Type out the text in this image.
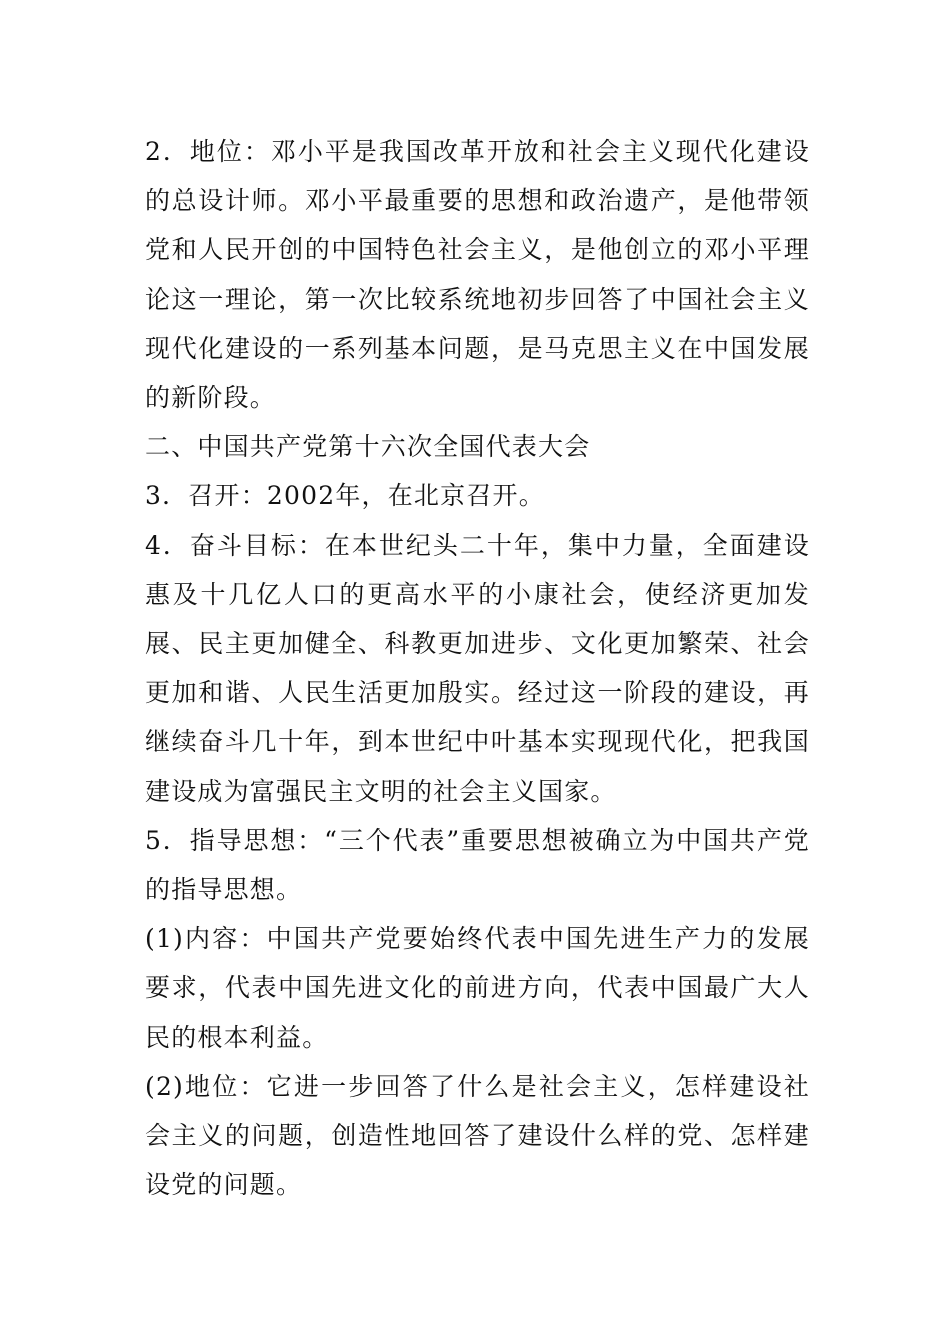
2．地位：邓小平是我国改革开放和社会主义现代化建设的总设计师。邓小平最重要的思想和政治遗产，是他带领党和人民开创的中国特色社会主义，是他创立的邓小平理论这一理论，第一次比较系统地初步回答了中国社会主义现代化建设的一系列基本问题，是马克思主义在中国发展的新阶段。

二、中国共产党第十六次全国代表大会

3．召开：2002年，在北京召开。

4．奋斗目标：在本世纪头二十年，集中力量，全面建设惠及十几亿人口的更高水平的小康社会，使经济更加发展、民主更加健全、科教更加进步、文化更加繁荣、社会更加和谐、人民生活更加殷实。经过这一阶段的建设，再继续奋斗几十年，到本世纪中叶基本实现现代化，把我国建设成为富强民主文明的社会主义国家。

5．指导思想：“三个代表”重要思想被确立为中国共产党的指导思想。

(1)内容：中国共产党要始终代表中国先进生产力的发展要求，代表中国先进文化的前进方向，代表中国最广大人民的根本利益。

(2)地位：它进一步回答了什么是社会主义，怎样建设社会主义的问题，创造性地回答了建设什么样的党、怎样建设党的问题。
